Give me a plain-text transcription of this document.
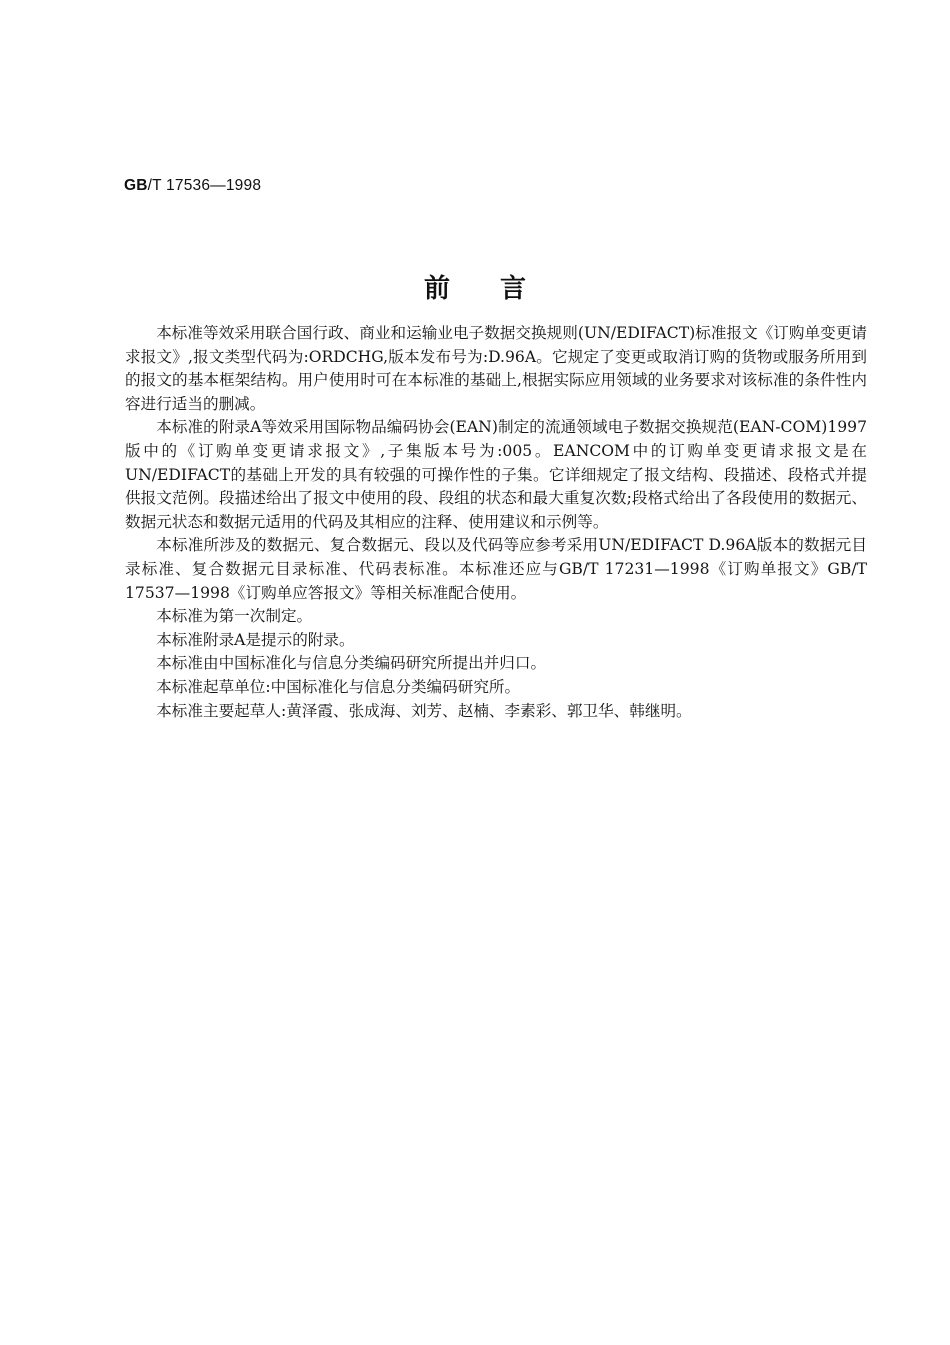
GB/T 17536—1998
前言

本标准等效采用联合国行政、商业和运输业电子数据交换规则(UN/EDIFACT)标准报文《订购单变更请求报文》,报文类型代码为:ORDCHG,版本发布号为:D.96A。它规定了变更或取消订购的货物或服务所用到的报文的基本框架结构。用户使用时可在本标准的基础上,根据实际应用领域的业务要求对该标准的条件性内容进行适当的删减。

本标准的附录A等效采用国际物品编码协会(EAN)制定的流通领域电子数据交换规范(EAN-COM)1997版中的《订购单变更请求报文》,子集版本号为:005。EANCOM中的订购单变更请求报文是在UN/EDIFACT的基础上开发的具有较强的可操作性的子集。它详细规定了报文结构、段描述、段格式并提供报文范例。段描述给出了报文中使用的段、段组的状态和最大重复次数;段格式给出了各段使用的数据元、数据元状态和数据元适用的代码及其相应的注释、使用建议和示例等。

本标准所涉及的数据元、复合数据元、段以及代码等应参考采用UN/EDIFACT D.96A版本的数据元目录标准、复合数据元目录标准、代码表标准。本标准还应与GB/T 17231—1998《订购单报文》GB/T 17537—1998《订购单应答报文》等相关标准配合使用。

本标准为第一次制定。

本标准附录A是提示的附录。

本标准由中国标准化与信息分类编码研究所提出并归口。

本标准起草单位:中国标准化与信息分类编码研究所。

本标准主要起草人:黄泽霞、张成海、刘芳、赵楠、李素彩、郭卫华、韩继明。
